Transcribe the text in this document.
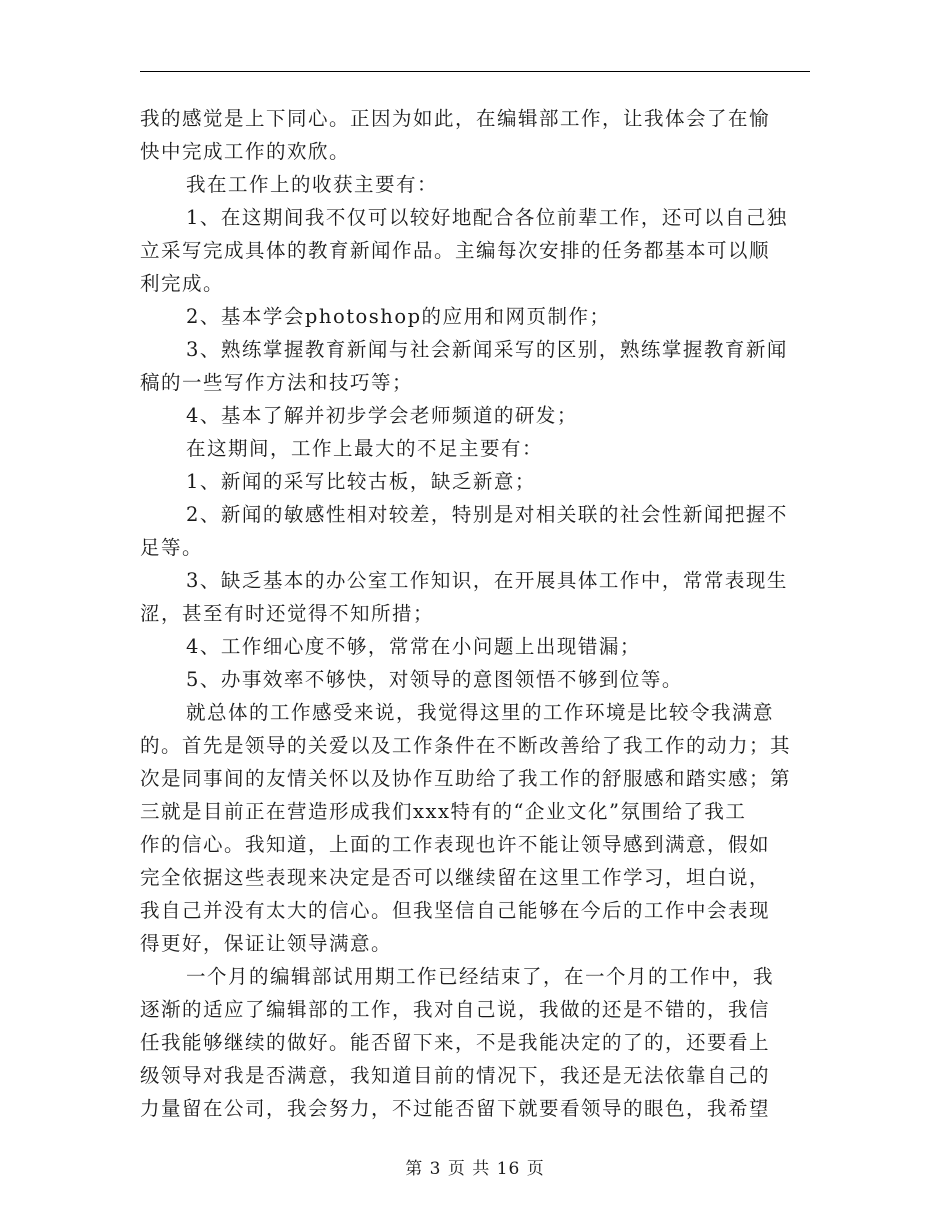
我的感觉是上下同心。正因为如此，在编辑部工作，让我体会了在愉
快中完成工作的欢欣。
我在工作上的收获主要有：
1、在这期间我不仅可以较好地配合各位前辈工作，还可以自己独
立采写完成具体的教育新闻作品。主编每次安排的任务都基本可以顺
利完成。
2、基本学会photoshop的应用和网页制作；
3、熟练掌握教育新闻与社会新闻采写的区别，熟练掌握教育新闻
稿的一些写作方法和技巧等；
4、基本了解并初步学会老师频道的研发；
在这期间，工作上最大的不足主要有：
1、新闻的采写比较古板，缺乏新意；
2、新闻的敏感性相对较差，特别是对相关联的社会性新闻把握不
足等。
3、缺乏基本的办公室工作知识，在开展具体工作中，常常表现生
涩，甚至有时还觉得不知所措；
4、工作细心度不够，常常在小问题上出现错漏；
5、办事效率不够快，对领导的意图领悟不够到位等。
就总体的工作感受来说，我觉得这里的工作环境是比较令我满意
的。首先是领导的关爱以及工作条件在不断改善给了我工作的动力；其
次是同事间的友情关怀以及协作互助给了我工作的舒服感和踏实感；第
三就是目前正在营造形成我们xxx特有的“企业文化”氛围给了我工
作的信心。我知道，上面的工作表现也许不能让领导感到满意，假如
完全依据这些表现来决定是否可以继续留在这里工作学习，坦白说，
我自己并没有太大的信心。但我坚信自己能够在今后的工作中会表现
得更好，保证让领导满意。
一个月的编辑部试用期工作已经结束了，在一个月的工作中，我
逐渐的适应了编辑部的工作，我对自己说，我做的还是不错的，我信
任我能够继续的做好。能否留下来，不是我能决定的了的，还要看上
级领导对我是否满意，我知道目前的情况下，我还是无法依靠自己的
力量留在公司，我会努力，不过能否留下就要看领导的眼色，我希望
第 3 页 共 16 页
